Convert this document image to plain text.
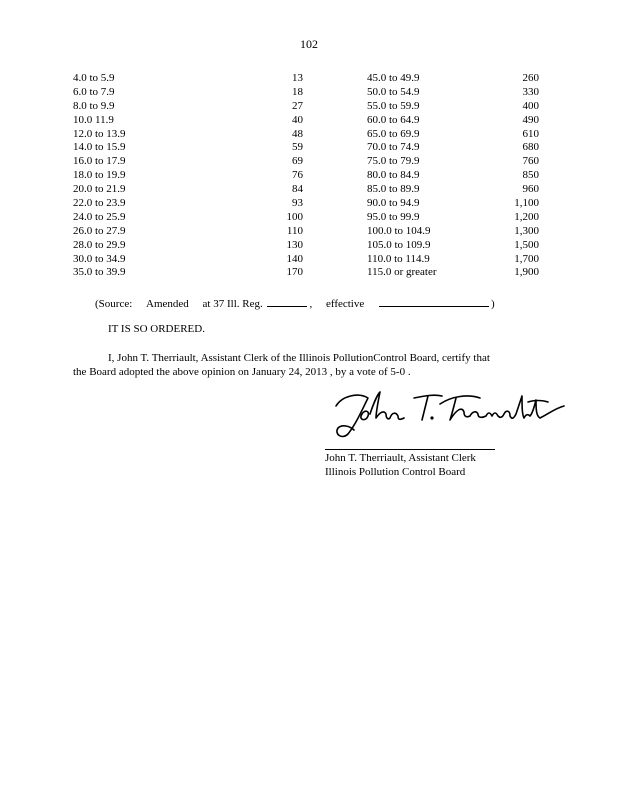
102
4.0 to 5.9	13	45.0 to 49.9	260
6.0 to 7.9	18	50.0 to 54.9	330
8.0 to 9.9	27	55.0 to 59.9	400
10.0 11.9	40	60.0 to 64.9	490
12.0 to 13.9	48	65.0 to 69.9	610
14.0 to 15.9	59	70.0 to 74.9	680
16.0 to 17.9	69	75.0 to 79.9	760
18.0 to 19.9	76	80.0 to 84.9	850
20.0 to 21.9	84	85.0 to 89.9	960
22.0 to 23.9	93	90.0 to 94.9	1,100
24.0 to 25.9	100	95.0 to 99.9	1,200
26.0 to 27.9	110	100.0 to 104.9	1,300
28.0 to 29.9	130	105.0 to 109.9	1,500
30.0 to 34.9	140	110.0 to 114.9	1,700
35.0 to 39.9	170	115.0 or greater	1,900
(Source: Amended at 37 Ill. Reg.	, effective	)
IT IS SO ORDERED.
I, John T. Therriault, Assistant Clerk of the Illinois PollutionControl Board, certify that
the Board adopted the above opinion on January 24, 2013 , by a vote of 5-0 .
John T. Therriault, Assistant Clerk
Illinois Pollution Control Board
